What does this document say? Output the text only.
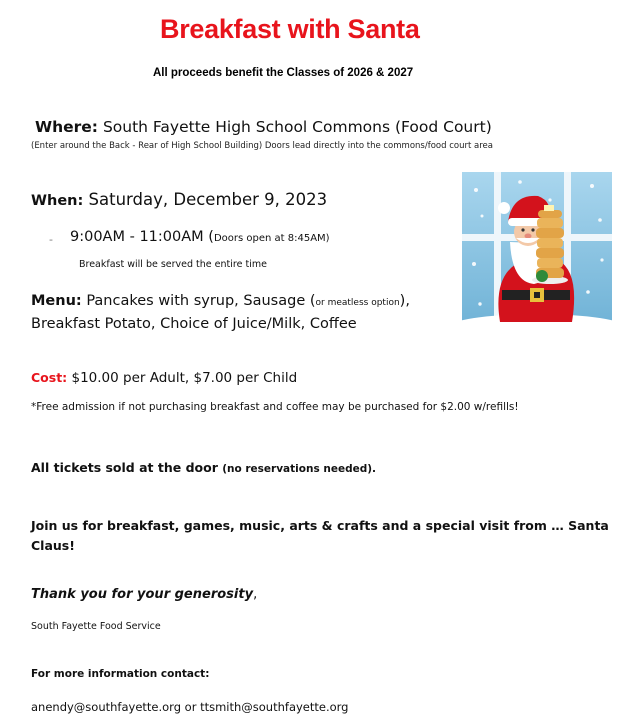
Breakfast with Santa
All proceeds benefit the Classes of 2026 & 2027
Where: South Fayette High School Commons (Food Court)
(Enter around the Back - Rear of High School Building) Doors lead directly into the commons/food court area
When: Saturday, December 9, 2023
- 9:00AM - 11:00AM (Doors open at 8:45AM)
Breakfast will be served the entire time
Menu: Pancakes with syrup, Sausage (or meatless option),
Breakfast Potato, Choice of Juice/Milk, Coffee
Cost: $10.00 per Adult, $7.00 per Child
*Free admission if not purchasing breakfast and coffee may be purchased for $2.00 w/refills!
All tickets sold at the door (no reservations needed).
Join us for breakfast, games, music, arts & crafts and a special visit from … Santa
Claus!
Thank you for your generosity,
South Fayette Food Service
For more information contact:
anendy@southfayette.org or ttsmith@southfayette.org
